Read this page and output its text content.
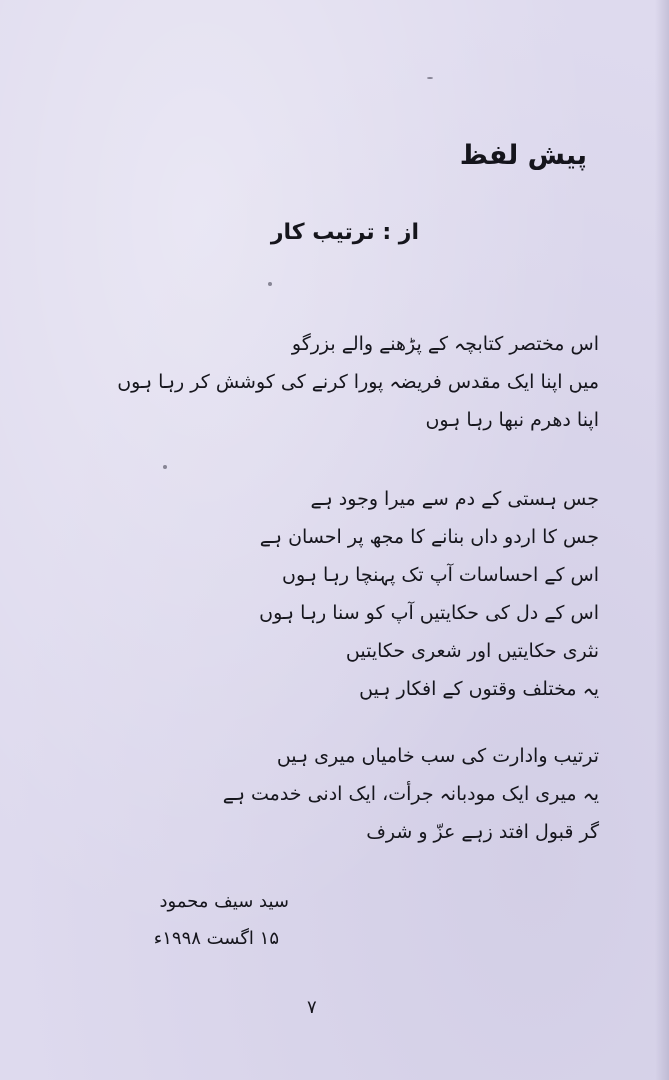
پیش لفظ
از : ترتیب کار
اس مختصر کتابچہ کے پڑھنے والے بزرگو
میں اپنا ایک مقدس فریضہ پورا کرنے کی کوشش کر رہا ہوں
اپنا دھرم نبھا رہا ہوں
جس ہستی کے دم سے میرا وجود ہے
جس کا اردو داں بنانے کا مجھ پر احسان ہے
اس کے احساسات آپ تک پہنچا رہا ہوں
اس کے دل کی حکایتیں آپ کو سنا رہا ہوں
نثری حکایتیں اور شعری حکایتیں
یہ مختلف وقتوں کے افکار ہیں
ترتیب وادارت کی سب خامیاں میری ہیں
یہ میری ایک مودبانہ جرأت، ایک ادنی خدمت ہے
گر قبول افتد زہے عزّ و شرف
سید سیف محمود
۱۵ اگست ۱۹۹۸ء
۷
